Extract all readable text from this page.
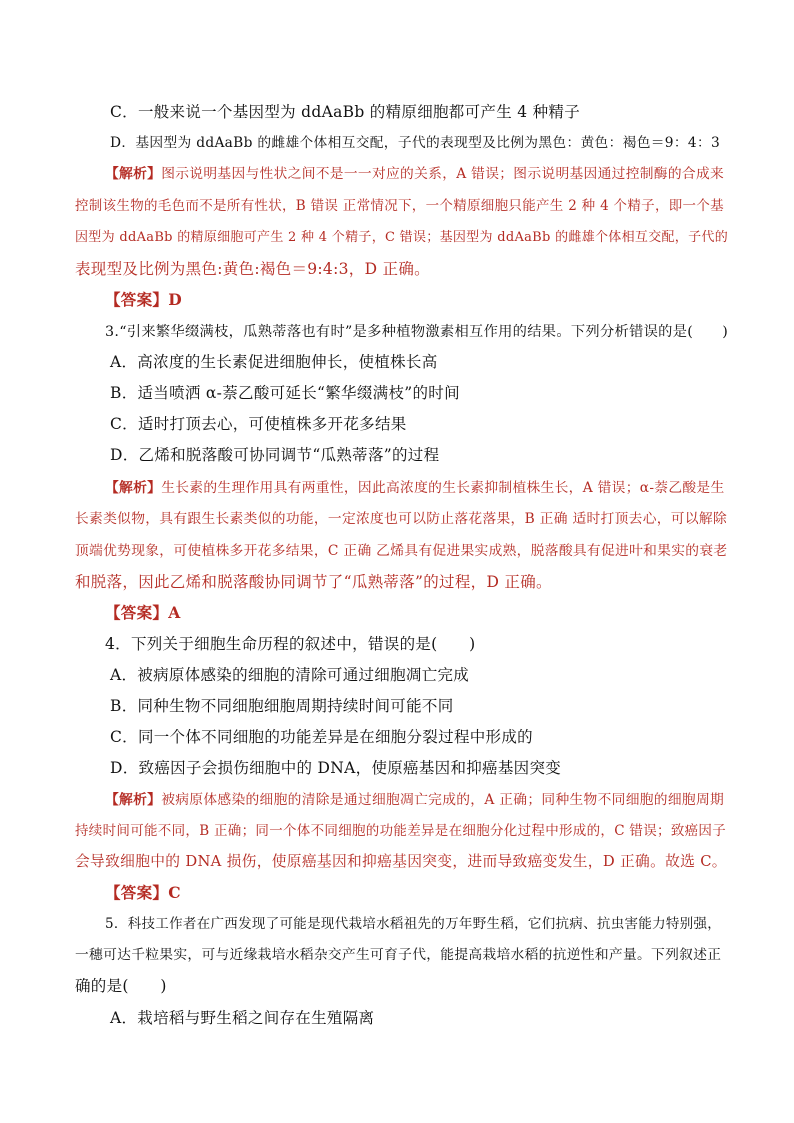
C．一般来说一个基因型为 ddAaBb 的精原细胞都可产生 4 种精子
D．基因型为 ddAaBb 的雌雄个体相互交配，子代的表现型及比例为黑色：黄色：褐色＝9：4：3
【解析】图示说明基因与性状之间不是一一对应的关系，A 错误；图示说明基因通过控制酶的合成来
控制该生物的毛色而不是所有性状，B 错误 正常情况下，一个精原细胞只能产生 2 种 4 个精子，即一个基
因型为 ddAaBb 的精原细胞可产生 2 种 4 个精子，C 错误；基因型为 ddAaBb 的雌雄个体相互交配，子代的
表现型及比例为黑色:黄色:褐色＝9:4:3，D 正确。
【答案】D
3.“引来繁华缀满枝，瓜熟蒂落也有时”是多种植物激素相互作用的结果。下列分析错误的是(　　)
A．高浓度的生长素促进细胞伸长，使植株长高
B．适当喷洒 α-萘乙酸可延长“繁华缀满枝”的时间
C．适时打顶去心，可使植株多开花多结果
D．乙烯和脱落酸可协同调节“瓜熟蒂落”的过程
【解析】生长素的生理作用具有两重性，因此高浓度的生长素抑制植株生长，A 错误；α-萘乙酸是生
长素类似物，具有跟生长素类似的功能，一定浓度也可以防止落花落果，B 正确 适时打顶去心，可以解除
顶端优势现象，可使植株多开花多结果，C 正确 乙烯具有促进果实成熟，脱落酸具有促进叶和果实的衰老
和脱落，因此乙烯和脱落酸协同调节了“瓜熟蒂落”的过程，D 正确。
【答案】A
4．下列关于细胞生命历程的叙述中，错误的是(　　)
A．被病原体感染的细胞的清除可通过细胞凋亡完成
B．同种生物不同细胞细胞周期持续时间可能不同
C．同一个体不同细胞的功能差异是在细胞分裂过程中形成的
D．致癌因子会损伤细胞中的 DNA，使原癌基因和抑癌基因突变
【解析】被病原体感染的细胞的清除是通过细胞凋亡完成的，A 正确；同种生物不同细胞的细胞周期
持续时间可能不同，B 正确；同一个体不同细胞的功能差异是在细胞分化过程中形成的，C 错误；致癌因子
会导致细胞中的 DNA 损伤，使原癌基因和抑癌基因突变，进而导致癌变发生，D 正确。故选 C。
【答案】C
5．科技工作者在广西发现了可能是现代栽培水稻祖先的万年野生稻，它们抗病、抗虫害能力特别强，
一穗可达千粒果实，可与近缘栽培水稻杂交产生可育子代，能提高栽培水稻的抗逆性和产量。下列叙述正
确的是(　　)
A．栽培稻与野生稻之间存在生殖隔离
